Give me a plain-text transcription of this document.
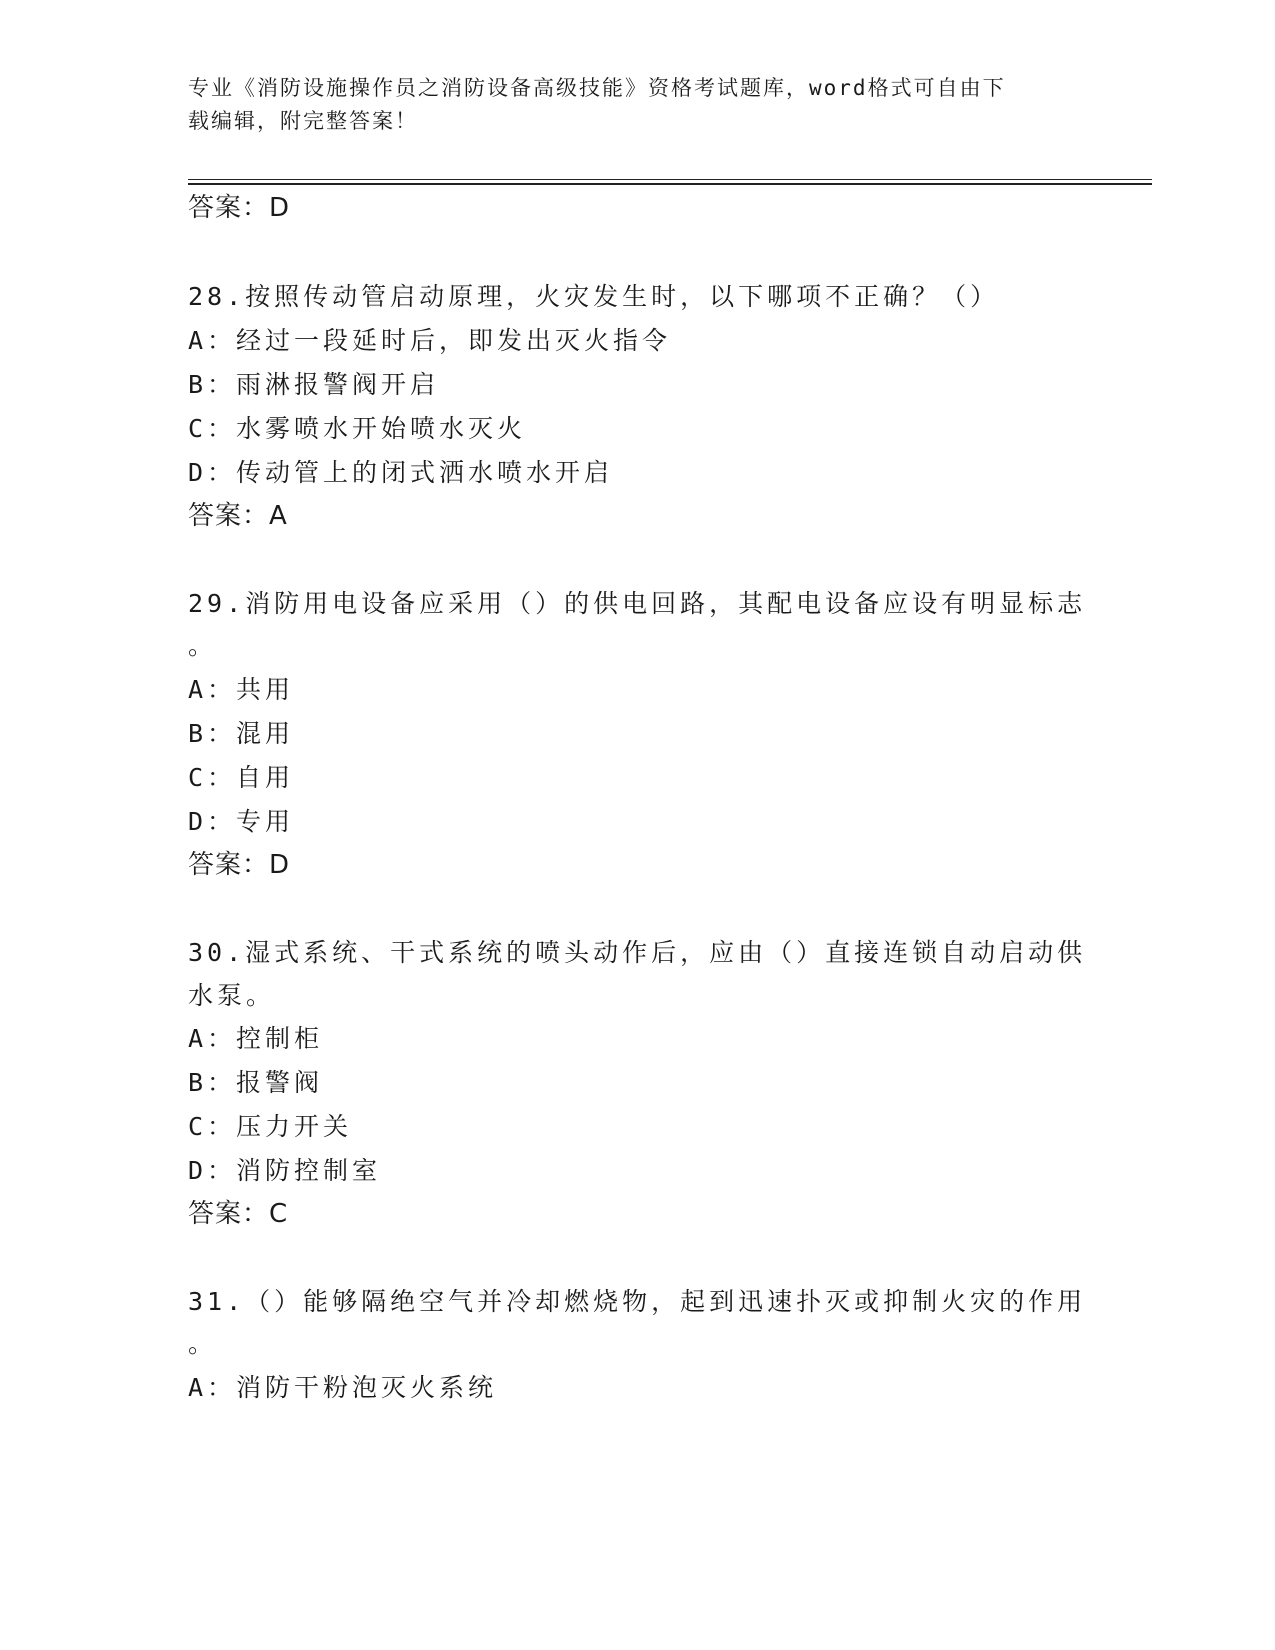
专业《消防设施操作员之消防设备高级技能》资格考试题库，word格式可自由下
载编辑，附完整答案！
答案：D
28.按照传动管启动原理，火灾发生时，以下哪项不正确？（）
A：经过一段延时后，即发出灭火指令
B：雨淋报警阀开启
C：水雾喷水开始喷水灭火
D：传动管上的闭式洒水喷水开启
答案：A
29.消防用电设备应采用（）的供电回路，其配电设备应设有明显标志
。
A：共用
B：混用
C：自用
D：专用
答案：D
30.湿式系统、干式系统的喷头动作后，应由（）直接连锁自动启动供
水泵。
A：控制柜
B：报警阀
C：压力开关
D：消防控制室
答案：C
31.（）能够隔绝空气并冷却燃烧物，起到迅速扑灭或抑制火灾的作用
。
A：消防干粉泡灭火系统
